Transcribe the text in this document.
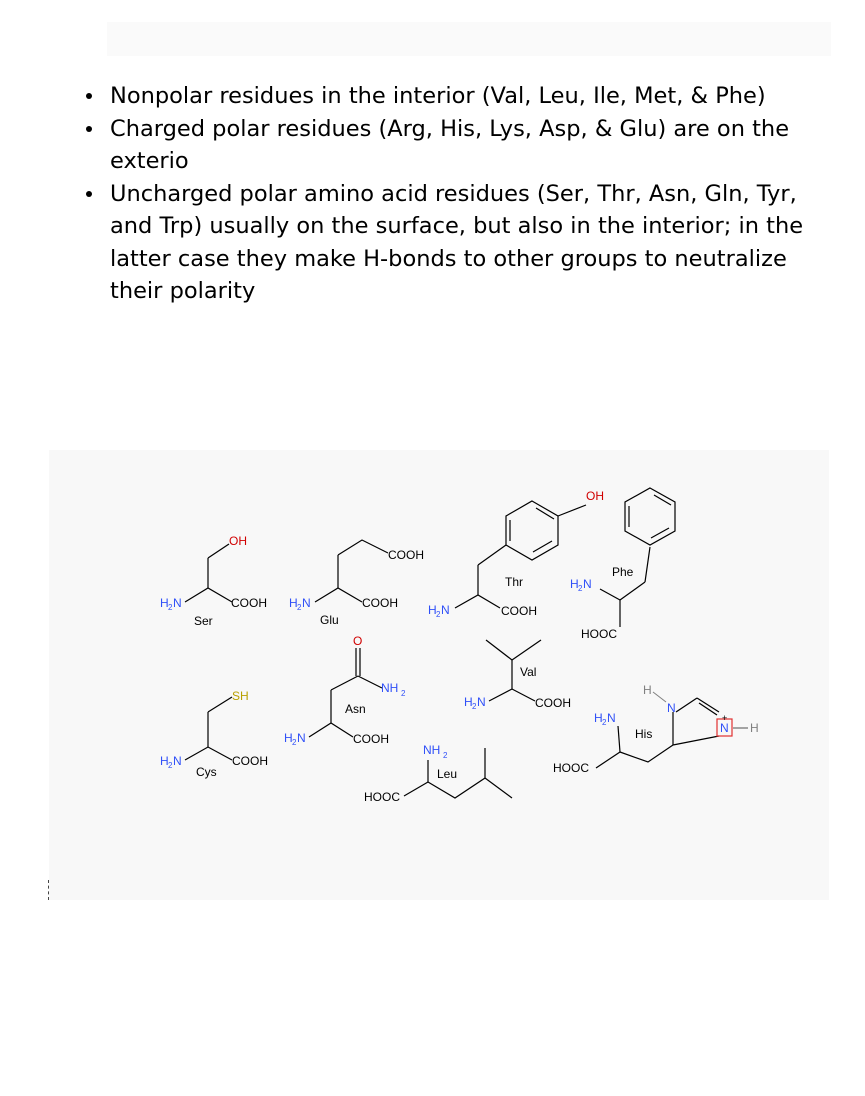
Nonpolar residues in the interior (Val, Leu, Ile, Met, & Phe)
Charged polar residues (Arg, His, Lys, Asp, & Glu) are on the exterio
Uncharged polar amino acid residues (Ser, Thr, Asn, Gln, Tyr, and Trp) usually on the surface, but also in the interior; in the latter case they make H-bonds to other groups to neutralize their polarity
OH
H 2 N	COOH
Ser
COOH
H 2 N	COOH
Glu
OH
Thr
H 2 N	COOH
Phe
H 2 N
HOOC
O
NH 2
Asn
H 2 N	COOH
Val
H 2 N	COOH
SH
H 2 N	COOH
Cys
NH 2
Leu
HOOC
H
N
H 2 N
His	N
+
H
HOOC
